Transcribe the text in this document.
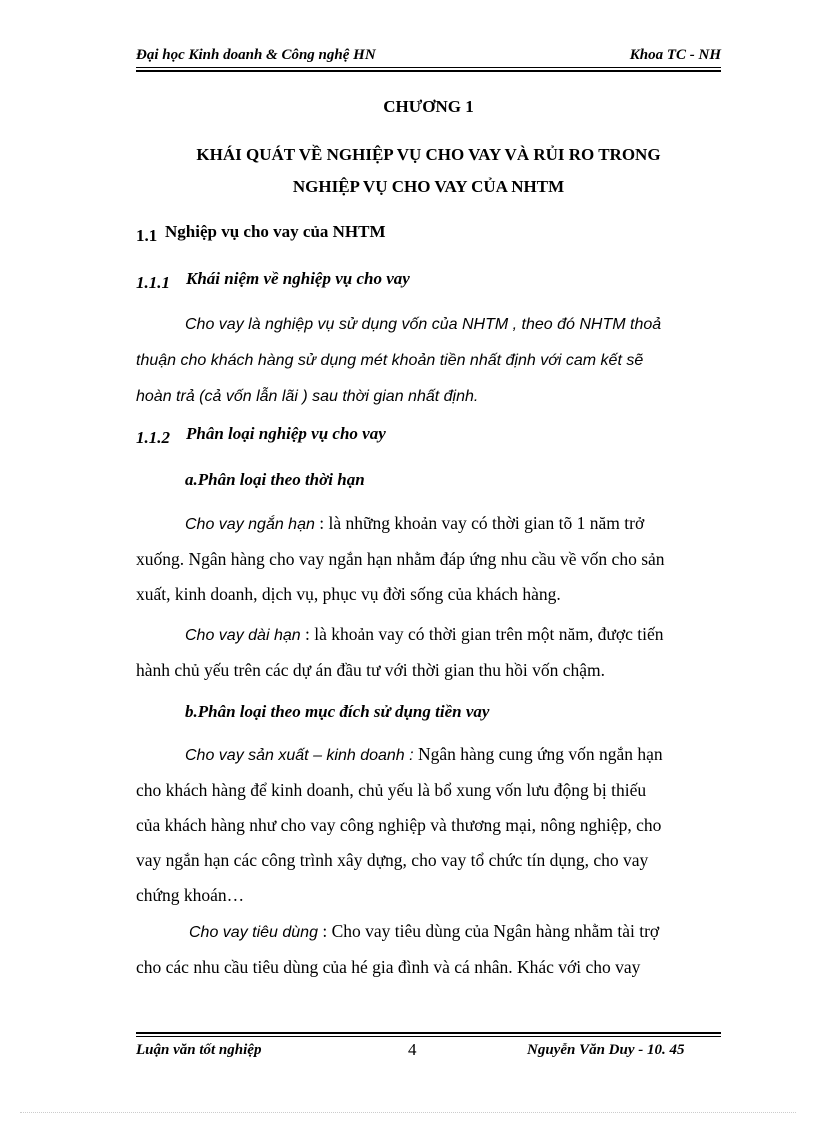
Đại học Kinh doanh & Công nghệ HN	Khoa TC - NH
CHƯƠNG 1
KHÁI QUÁT VỀ NGHIỆP VỤ CHO VAY VÀ RỦI RO TRONG
NGHIỆP VỤ CHO VAY CỦA NHTM
1.1 Nghiệp vụ cho vay của NHTM
1.1.1 Khái niệm về nghiệp vụ cho vay
Cho vay là nghiệp vụ sử dụng vốn của NHTM , theo đó NHTM thoả
thuận cho khách hàng sử dụng mét khoản tiền nhất định với cam kết sẽ
hoàn trả (cả vốn lẫn lãi ) sau thời gian nhất định.
1.1.2 Phân loại nghiệp vụ cho vay
a.Phân loại theo thời hạn
Cho vay ngắn hạn : là những khoản vay có thời gian tõ 1 năm trở
xuống. Ngân hàng cho vay ngắn hạn nhằm đáp ứng nhu cầu về vốn cho sản
xuất, kinh doanh, dịch vụ, phục vụ đời sống của khách hàng.
Cho vay dài hạn : là khoản vay có thời gian trên một năm, được tiến
hành chủ yếu trên các dự án đầu tư với thời gian thu hồi vốn chậm.
b.Phân loại theo mục đích sử dụng tiền vay
Cho vay sản xuất – kinh doanh : Ngân hàng cung ứng vốn ngắn hạn
cho khách hàng để kinh doanh, chủ yếu là bổ xung vốn lưu động bị thiếu
của khách hàng như cho vay công nghiệp và thương mại, nông nghiệp, cho
vay ngắn hạn các công trình xây dựng, cho vay tổ chức tín dụng, cho vay
chứng khoán…
Cho vay tiêu dùng : Cho vay tiêu dùng của Ngân hàng nhằm tài trợ
cho các nhu cầu tiêu dùng của hé gia đình và cá nhân. Khác với cho vay
Luận văn tốt nghiệp	4	Nguyễn Văn Duy - 10. 45
